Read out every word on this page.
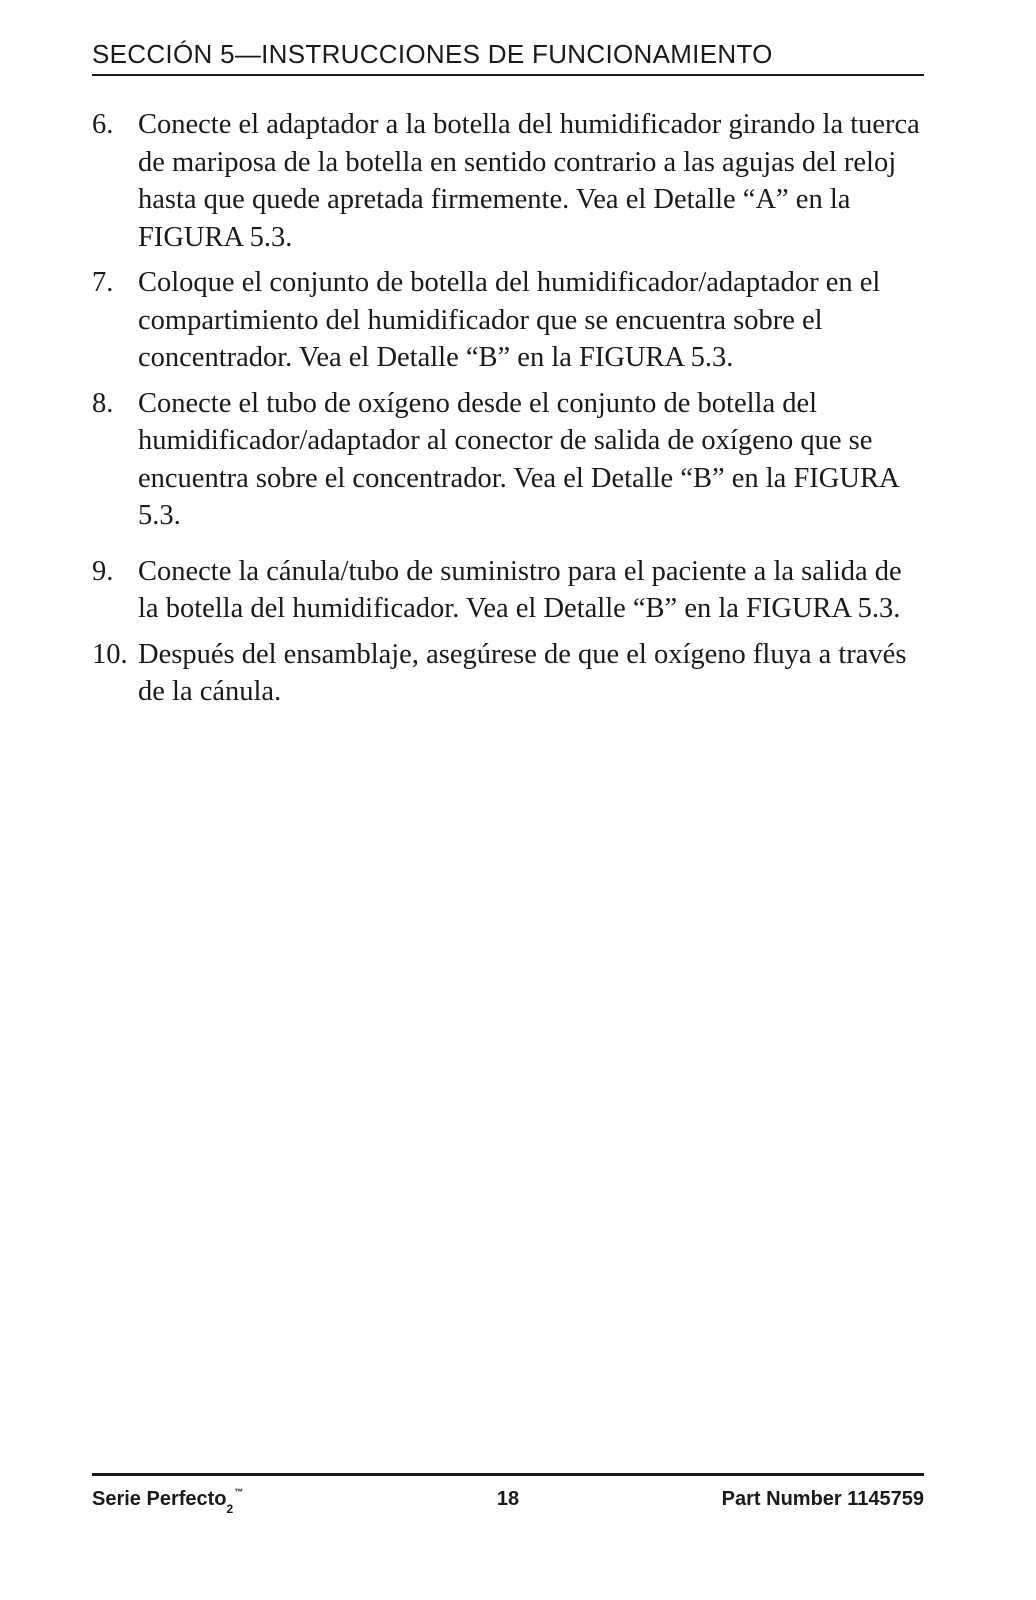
SECCIÓN 5—INSTRUCCIONES DE FUNCIONAMIENTO
6. Conecte el adaptador a la botella del humidificador girando la tuerca de mariposa de la botella en sentido contrario a las agujas del reloj hasta que quede apretada firmemente. Vea el Detalle “A” en la FIGURA 5.3.
7. Coloque el conjunto de botella del humidificador/adaptador en el compartimiento del humidificador que se encuentra sobre el concentrador. Vea el Detalle “B” en la FIGURA 5.3.
8. Conecte el tubo de oxígeno desde el conjunto de botella del humidificador/adaptador al conector de salida de oxígeno que se encuentra sobre el concentrador. Vea el Detalle “B” en la FIGURA 5.3.
9. Conecte la cánula/tubo de suministro para el paciente a la salida de la botella del humidificador. Vea el Detalle “B” en la FIGURA 5.3.
10. Después del ensamblaje, asegúrese de que el oxígeno fluya a través de la cánula.
Serie Perfecto$_2$™	18	Part Number 1145759
